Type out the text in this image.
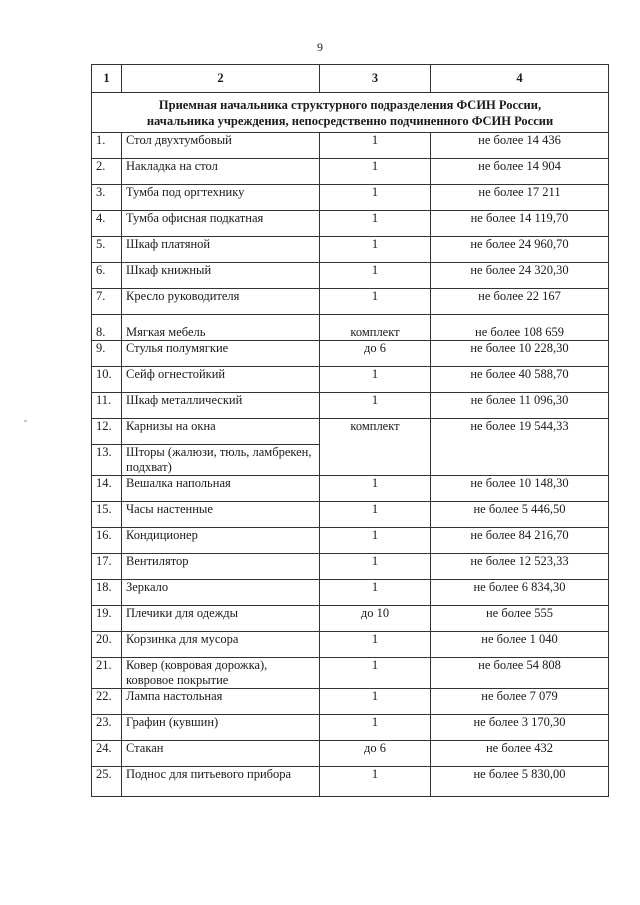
9
1	2	3	4

Приемная начальника структурного подразделения ФСИН России,
начальника учреждения, непосредственно подчиненного ФСИН России			

1.	Стол двухтумбовый	1	не более 14 436
2.	Накладка на стол	1	не более 14 904
3.	Тумба под оргтехнику	1	не более 17 211
4.	Тумба офисная подкатная	1	не более 14 119,70
5.	Шкаф платяной	1	не более 24 960,70
6.	Шкаф книжный	1	не более 24 320,30
7.	Кресло руководителя	1	не более 22 167
8.	Мягкая мебель	комплект	не более 108 659
9.	Стулья полумягкие	до 6	не более 10 228,30
10.	Сейф огнестойкий	1	не более 40 588,70
11.	Шкаф металлический	1	не более 11 096,30
12.	Карнизы на окна	комплект	не более 19 544,33
13.	Шторы (жалюзи, тюль, ламбрекен, подхват)		
14.	Вешалка напольная	1	не более 10 148,30
15.	Часы настенные	1	не более 5 446,50
16.	Кондиционер	1	не более 84 216,70
17.	Вентилятор	1	не более 12 523,33
18.	Зеркало	1	не более 6 834,30
19.	Плечики для одежды	до 10	не более 555
20.	Корзинка для мусора	1	не более 1 040
21.	Ковер (ковровая дорожка), ковровое покрытие	1	не более 54 808
22.	Лампа настольная	1	не более 7 079
23.	Графин (кувшин)	1	не более 3 170,30
24.	Стакан	до 6	не более 432
25.	Поднос для питьевого прибора	1	не более 5 830,00
